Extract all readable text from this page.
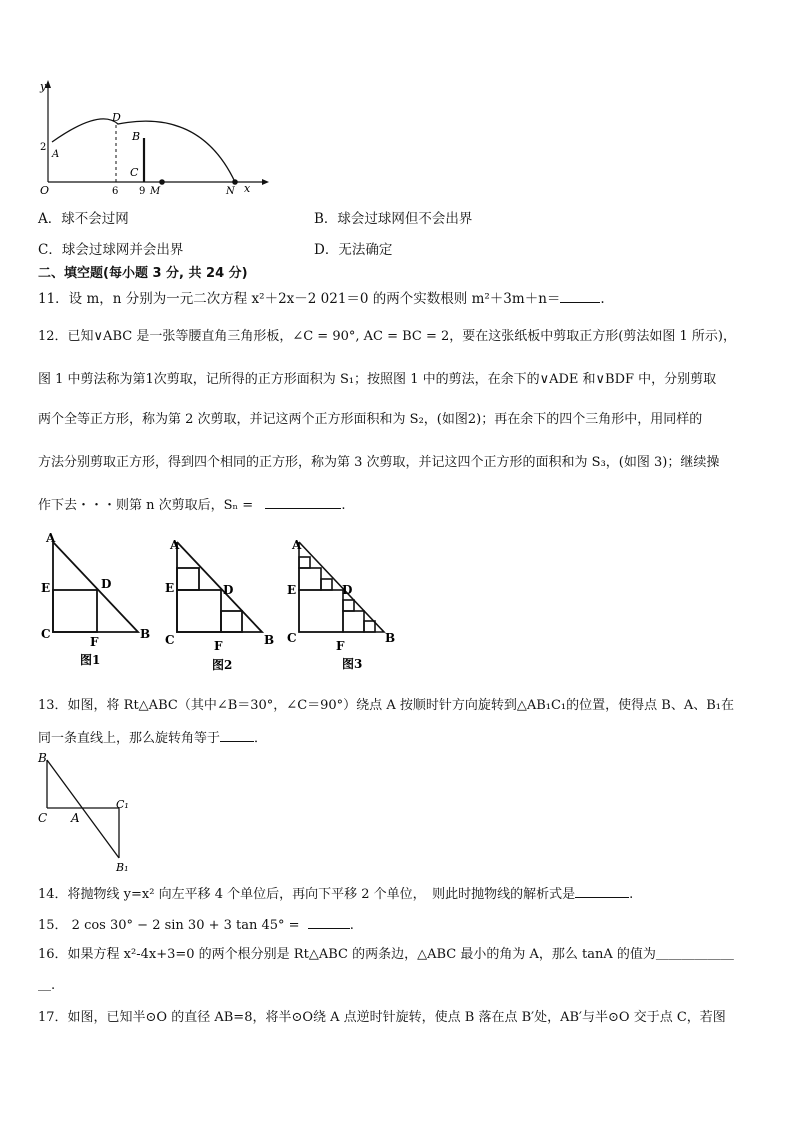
y
x
O	6 9
2
A
D
B
C
M	N
A．球不会过网	B．球会过球网但不会出界
C．球会过球网并会出界	D．无法确定
二、填空题(每小题 3 分, 共 24 分)
11．设 m，n 分别为一元二次方程 x²＋2x－2 021＝0 的两个实数根则 m²＋3m＋n＝	.
12．已知∨ABC 是一张等腰直角三角形板，∠C = 90°, AC = BC = 2，要在这张纸板中剪取正方形(剪法如图 1 所示)，
图 1 中剪法称为第1次剪取，记所得的正方形面积为 S₁；按照图 1 中的剪法，在余下的∨ADE 和∨BDF 中，分别剪取
两个全等正方形，称为第 2 次剪取，并记这两个正方形面积和为 S₂，(如图2)；再在余下的四个三角形中，用同样的
方法分别剪取正方形，得到四个相同的正方形，称为第 3 次剪取，并记这四个正方形的面积和为 S₃，(如图 3)；继续操
作下去・・・则第 n 次剪取后，Sₙ =	.
A
E	D
C
F
B
图1
A
E	D
C	F	B
图2
A
E	D
C
F
B
图3
13．如图，将 Rt△ABC（其中∠B＝30°，∠C＝90°）绕点 A 按顺时针方向旋转到△AB₁C₁的位置，使得点 B、A、B₁在
同一条直线上，那么旋转角等于	．
B
C A
C₁
B₁
14．将抛物线 y=x² 向左平移 4 个单位后，再向下平移 2 个单位，　则此时抛物线的解析式是	.
15． 2 cos 30° − 2 sin 30 + 3 tan 45° =	.
16．如果方程 x²-4x+3=0 的两个根分别是 Rt△ABC 的两条边，△ABC 最小的角为 A，那么 tanA 的值为＿＿＿＿＿＿
＿.
17．如图，已知半⊙O 的直径 AB=8，将半⊙O绕 A 点逆时针旋转，使点 B 落在点 B′处，AB′与半⊙O 交于点 C，若图
